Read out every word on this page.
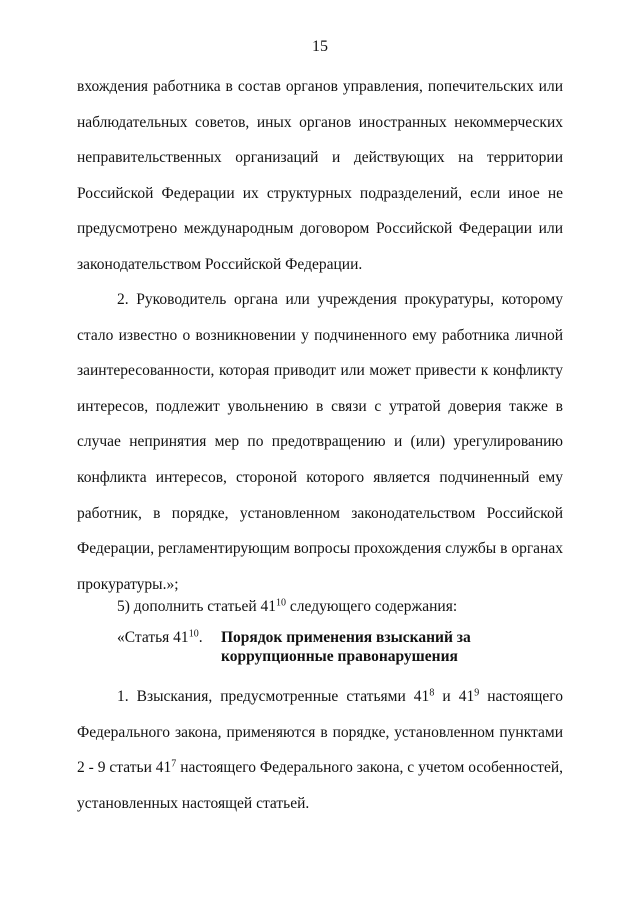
15

вхождения работника в состав органов управления, попечительских или наблюдательных советов, иных органов иностранных некоммерческих неправительственных организаций и действующих на территории Российской Федерации их структурных подразделений, если иное не предусмотрено международным договором Российской Федерации или законодательством Российской Федерации.

2. Руководитель органа или учреждения прокуратуры, которому стало известно о возникновении у подчиненного ему работника личной заинтересованности, которая приводит или может привести к конфликту интересов, подлежит увольнению в связи с утратой доверия также в случае непринятия мер по предотвращению и (или) урегулированию конфликта интересов, стороной которого является подчиненный ему работник, в порядке, установленном законодательством Российской Федерации, регламентирующим вопросы прохождения службы в органах прокуратуры.»;

5) дополнить статьей $41^{10}$ следующего содержания:

«Статья $41^{10}$. Порядок применения взысканий за коррупционные правонарушения

1. Взыскания, предусмотренные статьями $41^8$ и $41^9$ настоящего Федерального закона, применяются в порядке, установленном пунктами 2 - 9 статьи $41^7$ настоящего Федерального закона, с учетом особенностей, установленных настоящей статьей.
